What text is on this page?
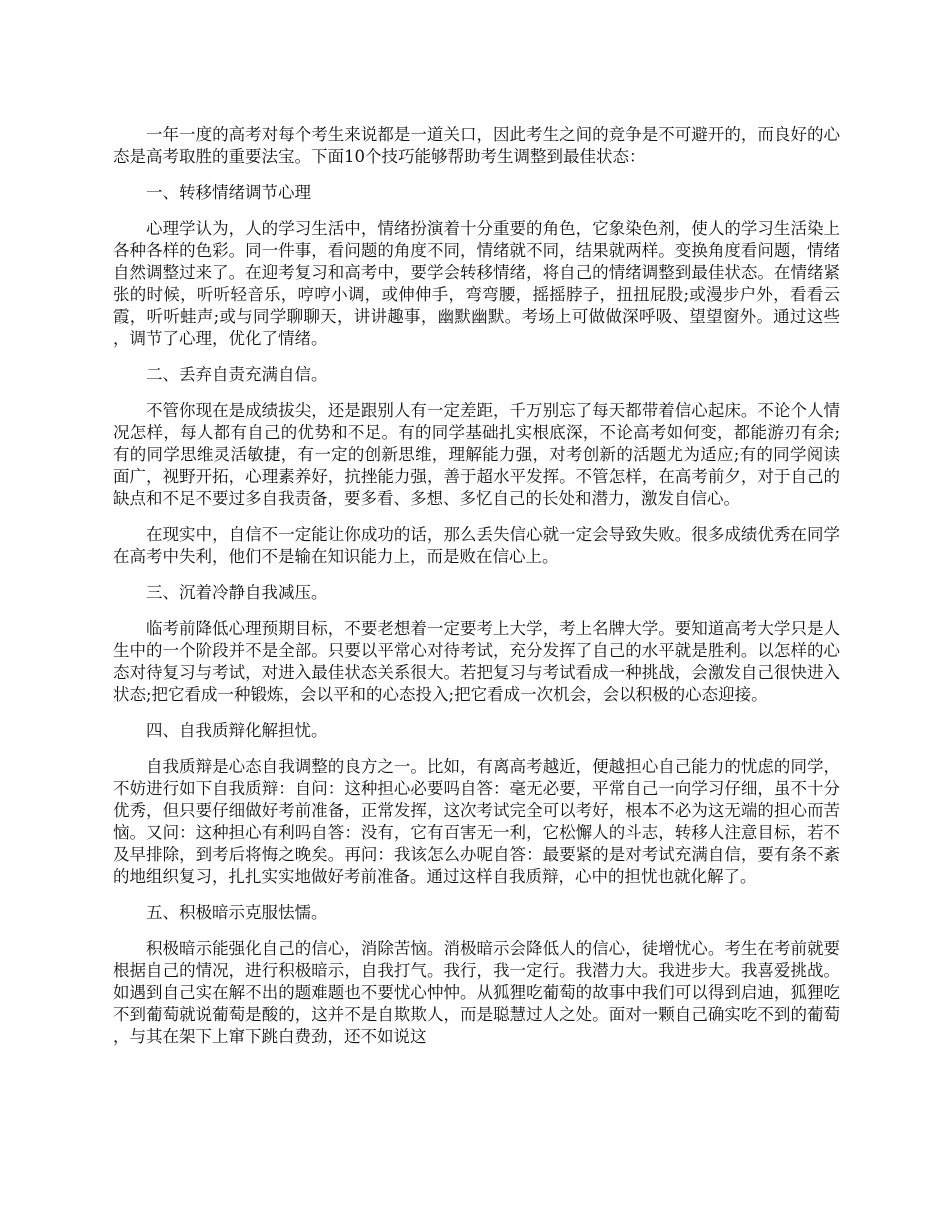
一年一度的高考对每个考生来说都是一道关口，因此考生之间的竞争是不可避开的，而良好的心态是高考取胜的重要法宝。下面10个技巧能够帮助考生调整到最佳状态：

一、转移情绪调节心理

心理学认为，人的学习生活中，情绪扮演着十分重要的角色，它象染色剂，使人的学习生活染上各种各样的色彩。同一件事，看问题的角度不同，情绪就不同，结果就两样。变换角度看问题，情绪自然调整过来了。在迎考复习和高考中，要学会转移情绪，将自己的情绪调整到最佳状态。在情绪紧张的时候，听听轻音乐，哼哼小调，或伸伸手，弯弯腰，摇摇脖子，扭扭屁股;或漫步户外，看看云霞，听听蛙声;或与同学聊聊天，讲讲趣事，幽默幽默。考场上可做做深呼吸、望望窗外。通过这些，调节了心理，优化了情绪。

二、丢弃自责充满自信。

不管你现在是成绩拔尖，还是跟别人有一定差距，千万别忘了每天都带着信心起床。不论个人情况怎样，每人都有自己的优势和不足。有的同学基础扎实根底深，不论高考如何变，都能游刃有余;有的同学思维灵活敏捷，有一定的创新思维，理解能力强，对考创新的活题尤为适应;有的同学阅读面广，视野开拓，心理素养好，抗挫能力强，善于超水平发挥。不管怎样，在高考前夕，对于自己的缺点和不足不要过多自我责备，要多看、多想、多忆自己的长处和潜力，激发自信心。

在现实中，自信不一定能让你成功的话，那么丢失信心就一定会导致失败。很多成绩优秀在同学在高考中失利，他们不是输在知识能力上，而是败在信心上。

三、沉着冷静自我减压。

临考前降低心理预期目标，不要老想着一定要考上大学，考上名牌大学。要知道高考大学只是人生中的一个阶段并不是全部。只要以平常心对待考试，充分发挥了自己的水平就是胜利。以怎样的心态对待复习与考试，对进入最佳状态关系很大。若把复习与考试看成一种挑战，会激发自己很快进入状态;把它看成一种锻炼，会以平和的心态投入;把它看成一次机会，会以积极的心态迎接。

四、自我质辩化解担忧。

自我质辩是心态自我调整的良方之一。比如，有离高考越近，便越担心自己能力的忧虑的同学，不妨进行如下自我质辩：自问：这种担心必要吗自答：毫无必要，平常自己一向学习仔细，虽不十分优秀，但只要仔细做好考前准备，正常发挥，这次考试完全可以考好，根本不必为这无端的担心而苦恼。又问：这种担心有利吗自答：没有，它有百害无一利，它松懈人的斗志，转移人注意目标，若不及早排除，到考后将悔之晚矣。再问：我该怎么办呢自答：最要紧的是对考试充满自信，要有条不紊的地组织复习，扎扎实实地做好考前准备。通过这样自我质辩，心中的担忧也就化解了。

五、积极暗示克服怯懦。

积极暗示能强化自己的信心，消除苦恼。消极暗示会降低人的信心，徒增忧心。考生在考前就要根据自己的情况，进行积极暗示，自我打气。我行，我一定行。我潜力大。我进步大。我喜爱挑战。如遇到自己实在解不出的题难题也不要忧心忡忡。从狐狸吃葡萄的故事中我们可以得到启迪，狐狸吃不到葡萄就说葡萄是酸的，这并不是自欺欺人，而是聪慧过人之处。面对一颗自己确实吃不到的葡萄，与其在架下上窜下跳白费劲，还不如说这
